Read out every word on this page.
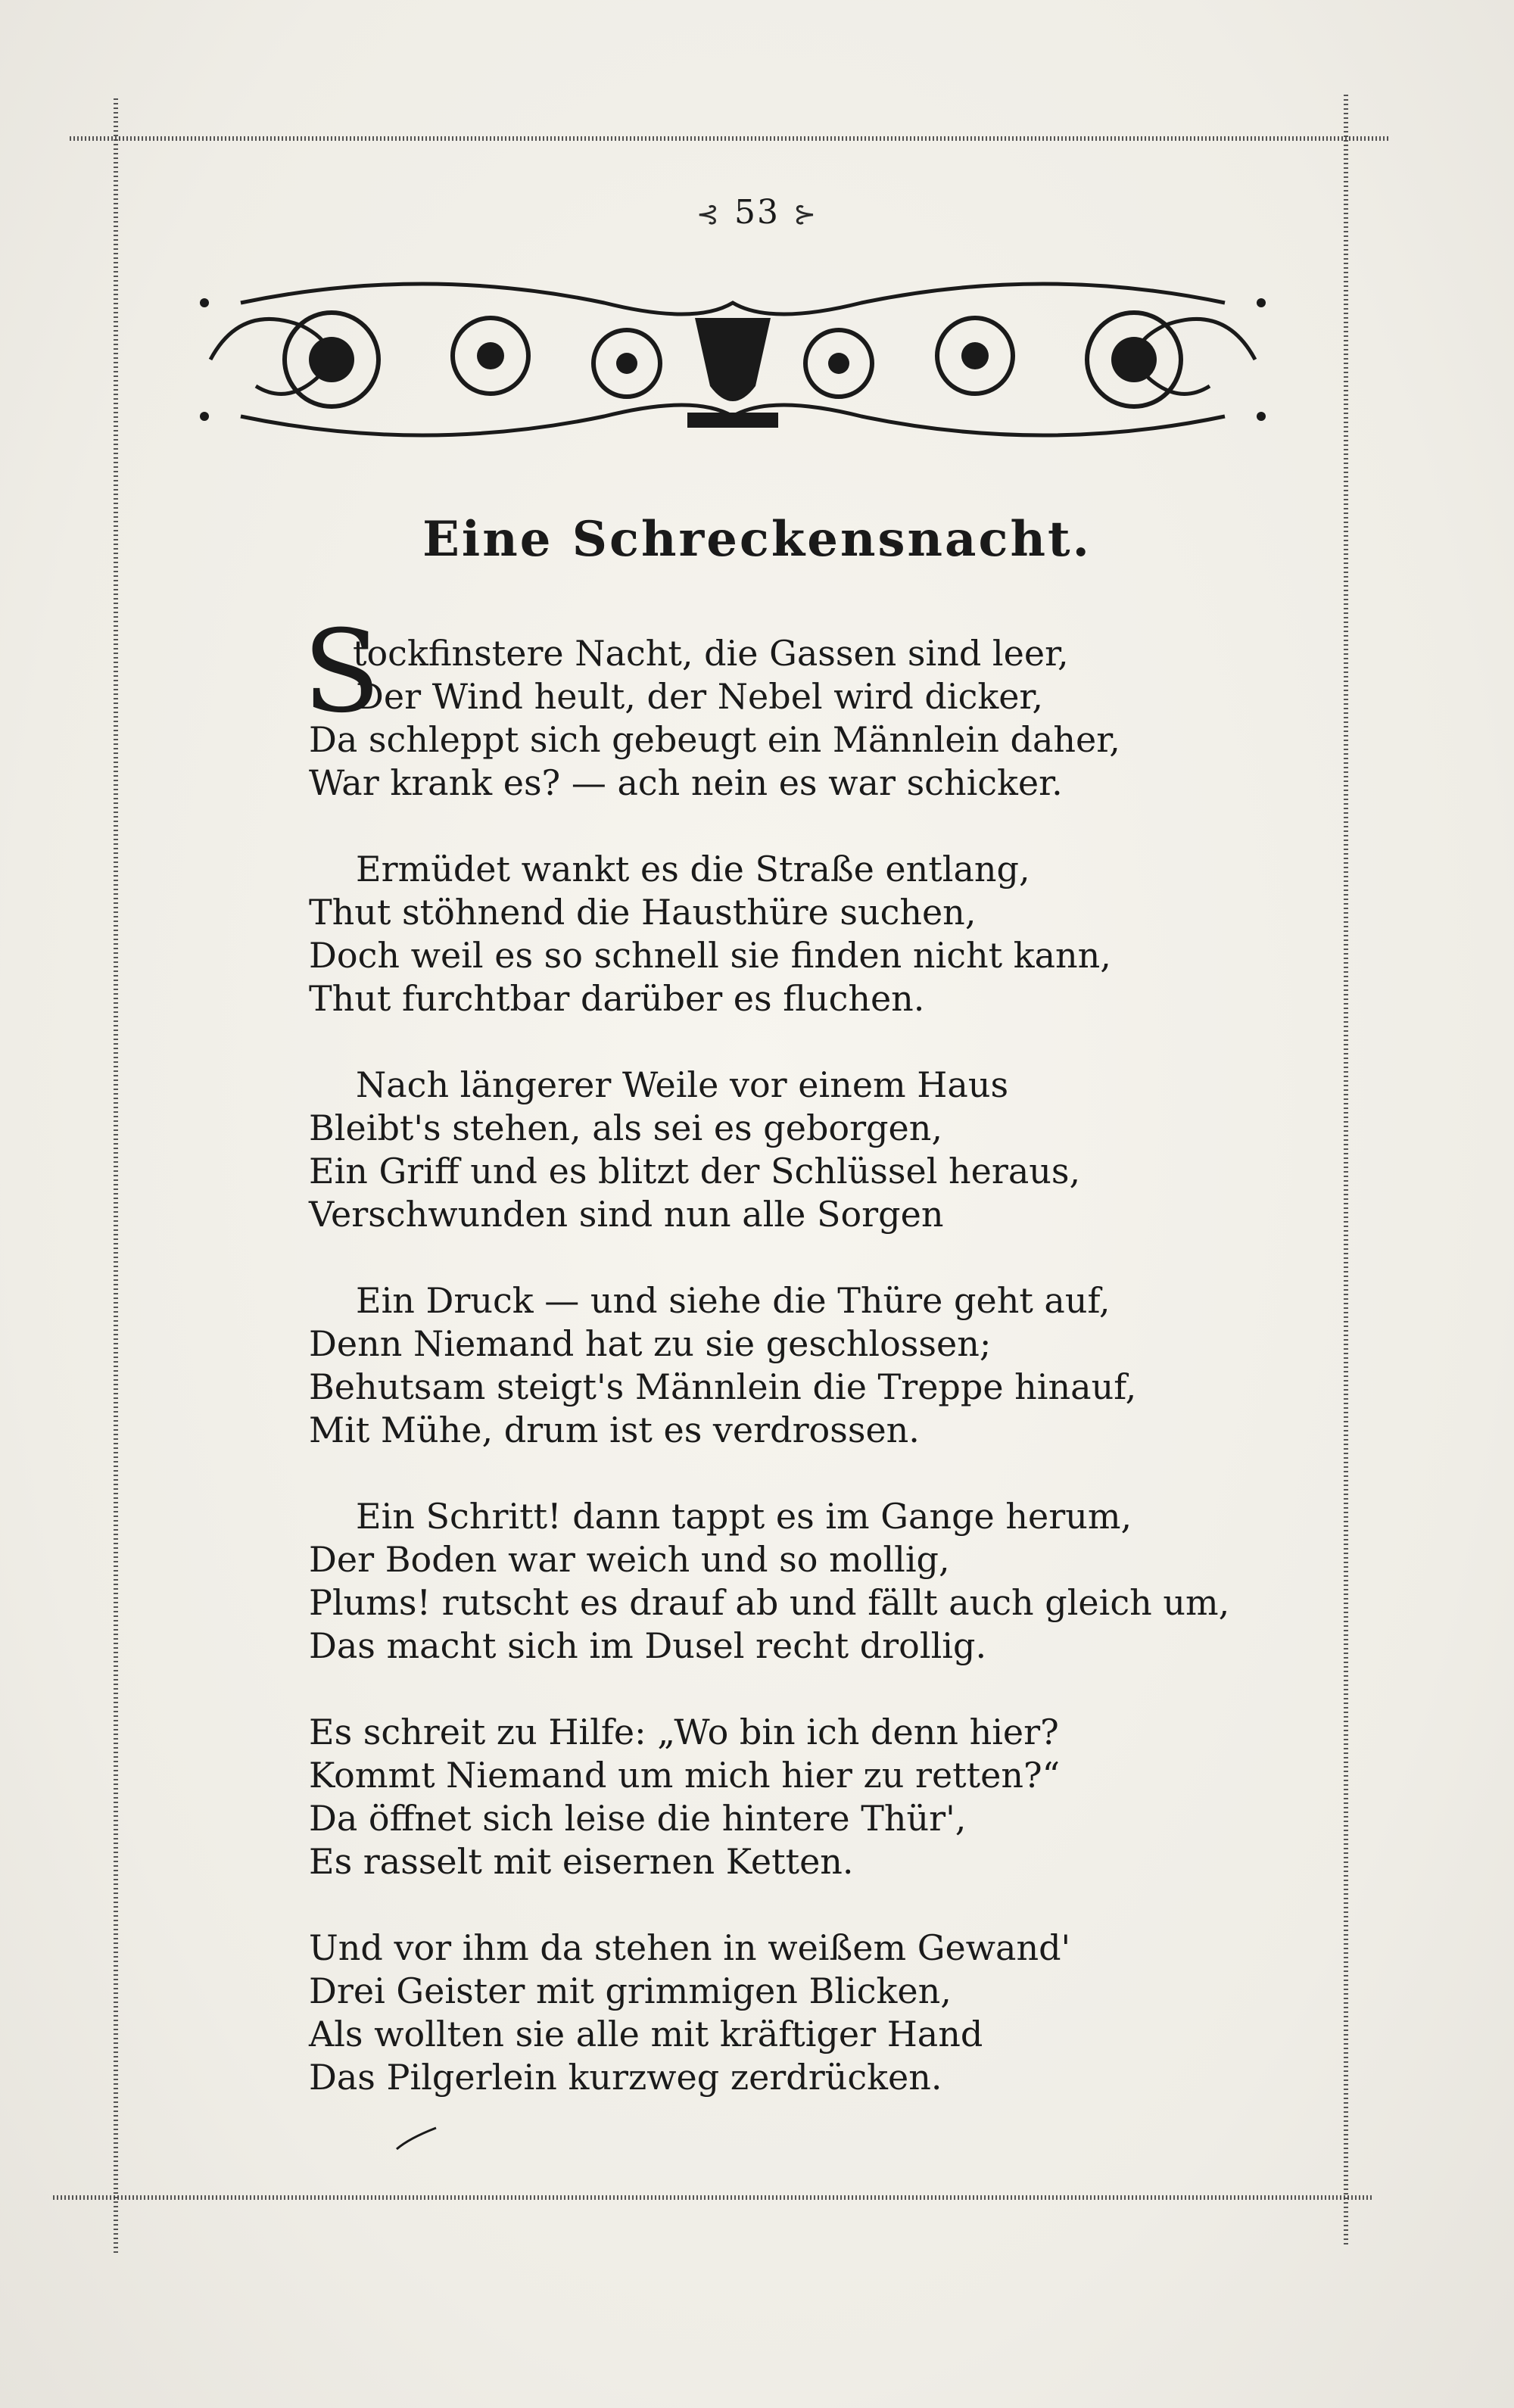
⊰ 53 ⊱
Eine Schreckensnacht.
S
tockfinstere Nacht, die Gassen sind leer,
Der Wind heult, der Nebel wird dicker,
Da schleppt sich gebeugt ein Männlein daher,
War krank es? — ach nein es war schicker.
Ermüdet wankt es die Straße entlang,
Thut stöhnend die Hausthüre suchen,
Doch weil es so schnell sie finden nicht kann,
Thut furchtbar darüber es fluchen.
Nach längerer Weile vor einem Haus
Bleibt's stehen, als sei es geborgen,
Ein Griff und es blitzt der Schlüssel heraus,
Verschwunden sind nun alle Sorgen
Ein Druck — und siehe die Thüre geht auf,
Denn Niemand hat zu sie geschlossen;
Behutsam steigt's Männlein die Treppe hinauf,
Mit Mühe, drum ist es verdrossen.
Ein Schritt! dann tappt es im Gange herum,
Der Boden war weich und so mollig,
Plums! rutscht es drauf ab und fällt auch gleich um,
Das macht sich im Dusel recht drollig.
Es schreit zu Hilfe: „Wo bin ich denn hier?
Kommt Niemand um mich hier zu retten?“
Da öffnet sich leise die hintere Thür',
Es rasselt mit eisernen Ketten.
Und vor ihm da stehen in weißem Gewand'
Drei Geister mit grimmigen Blicken,
Als wollten sie alle mit kräftiger Hand
Das Pilgerlein kurzweg zerdrücken.
